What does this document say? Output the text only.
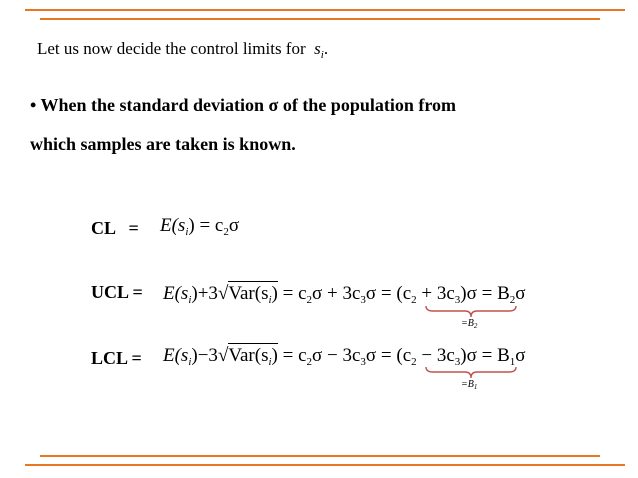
Let us now decide the control limits for $s_i$.
• When the standard deviation σ of the population from
which samples are taken is known.
CL = $E(s_i) = c_2\sigma$
UCL = $E(s_i)+3√Var(s_i) = c_2\sigma + 3c_3\sigma = (c_2 + 3c_3)\sigma = B_2\sigma$
$=B_2$
LCL = $E(s_i)-3√Var(s_i) = c_2\sigma - 3c_3\sigma = (c_2 - 3c_3)\sigma = B_1\sigma$
$=B_1$
